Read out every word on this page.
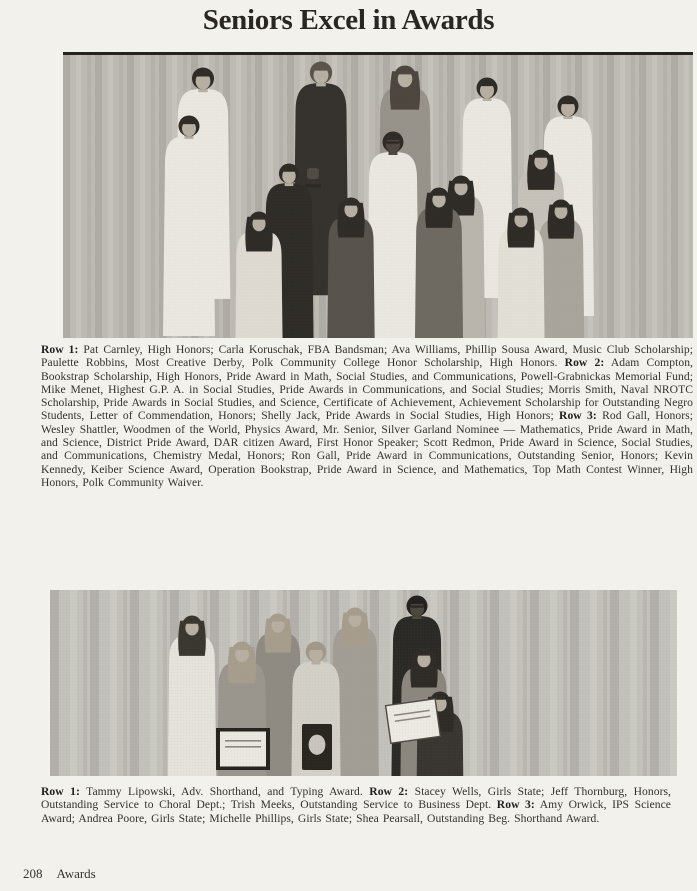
Seniors Excel in Awards

Row 1: Pat Carnley, High Honors; Carla Koruschak, FBA Bandsman; Ava Williams, Phillip Sousa Award, Music Club Scholarship; Paulette Robbins, Most Creative Derby, Polk Community College Honor Scholarship, High Honors. Row 2: Adam Compton, Bookstrap Scholarship, High Honors, Pride Award in Math, Social Studies, and Communications, Powell-Grabnickas Memorial Fund; Mike Menet, Highest G.P. A. in Social Studies, Pride Awards in Communications, and Social Studies; Morris Smith, Naval NROTC Scholarship, Pride Awards in Social Studies, and Science, Certificate of Achievement, Achievement Scholarship for Outstanding Negro Students, Letter of Commendation, Honors; Shelly Jack, Pride Awards in Social Studies, High Honors; Row 3: Rod Gall, Honors; Wesley Shattler, Woodmen of the World, Physics Award, Mr. Senior, Silver Garland Nominee — Mathematics, Pride Award in Math, and Science, District Pride Award, DAR citizen Award, First Honor Speaker; Scott Redmon, Pride Award in Science, Social Studies, and Communications, Chemistry Medal, Honors; Ron Gall, Pride Award in Communications, Outstanding Senior, Honors; Kevin Kennedy, Keiber Science Award, Operation Bookstrap, Pride Award in Science, and Mathematics, Top Math Contest Winner, High Honors, Polk Community Waiver.

Row 1: Tammy Lipowski, Adv. Shorthand, and Typing Award. Row 2: Stacey Wells, Girls State; Jeff Thornburg, Honors, Outstanding Service to Choral Dept.; Trish Meeks, Outstanding Service to Business Dept. Row 3: Amy Orwick, IPS Science Award; Andrea Poore, Girls State; Michelle Phillips, Girls State; Shea Pearsall, Outstanding Beg. Shorthand Award.

208 Awards
